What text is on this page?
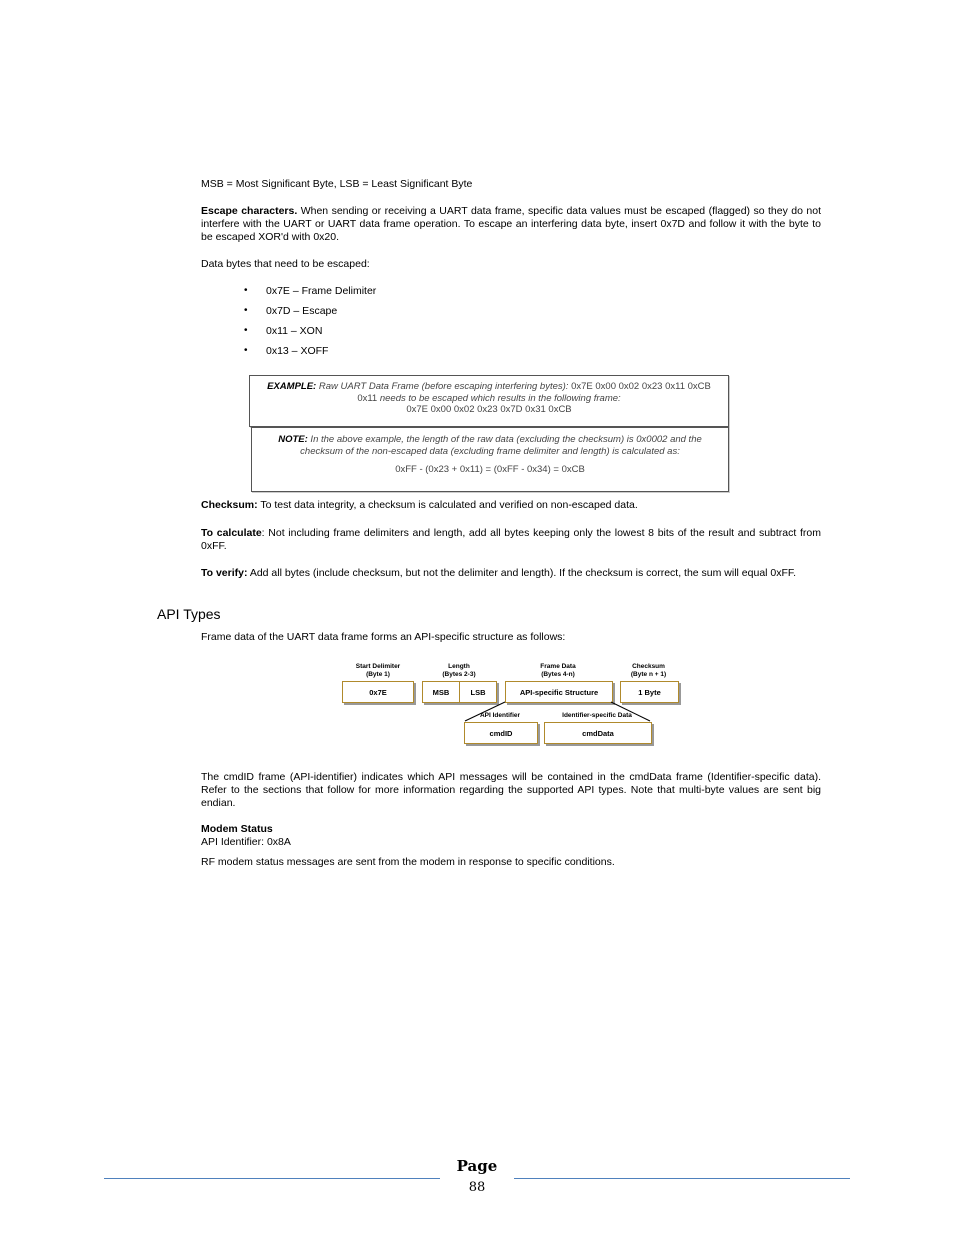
MSB = Most Significant Byte, LSB = Least Significant Byte
Escape characters. When sending or receiving a UART data frame, specific data values must be escaped (flagged) so they do not interfere with the UART or UART data frame operation. To escape an interfering data byte, insert 0x7D and follow it with the byte to be escaped XOR'd with 0x20.
Data bytes that need to be escaped:
• 0x7E – Frame Delimiter
• 0x7D – Escape
• 0x11 – XON
• 0x13 – XOFF
EXAMPLE: Raw UART Data Frame (before escaping interfering bytes): 0x7E 0x00 0x02 0x23 0x11 0xCB
0x11 needs to be escaped which results in the following frame:
0x7E 0x00 0x02 0x23 0x7D 0x31 0xCB
NOTE: In the above example, the length of the raw data (excluding the checksum) is 0x0002 and the
checksum of the non-escaped data (excluding frame delimiter and length) is calculated as:
0xFF - (0x23 + 0x11) = (0xFF - 0x34) = 0xCB
Checksum: To test data integrity, a checksum is calculated and verified on non-escaped data.
To calculate: Not including frame delimiters and length, add all bytes keeping only the lowest 8 bits of the result and subtract from 0xFF.
To verify: Add all bytes (include checksum, but not the delimiter and length). If the checksum is correct, the sum will equal 0xFF.
API Types
Frame data of the UART data frame forms an API-specific structure as follows:
Start Delimiter
(Byte 1)
Length
(Bytes 2-3)
Frame Data
(Bytes 4-n)
Checksum
(Byte n + 1)
0x7E	MSB	LSB	API-specific Structure	1 Byte
API Identifier	Identifier-specific Data
cmdID	cmdData
The cmdID frame (API-identifier) indicates which API messages will be contained in the cmdData frame (Identifier-specific data). Refer to the sections that follow for more information regarding the supported API types. Note that multi-byte values are sent big endian.
Modem Status
API Identifier: 0x8A
RF modem status messages are sent from the modem in response to specific conditions.
Page
88
